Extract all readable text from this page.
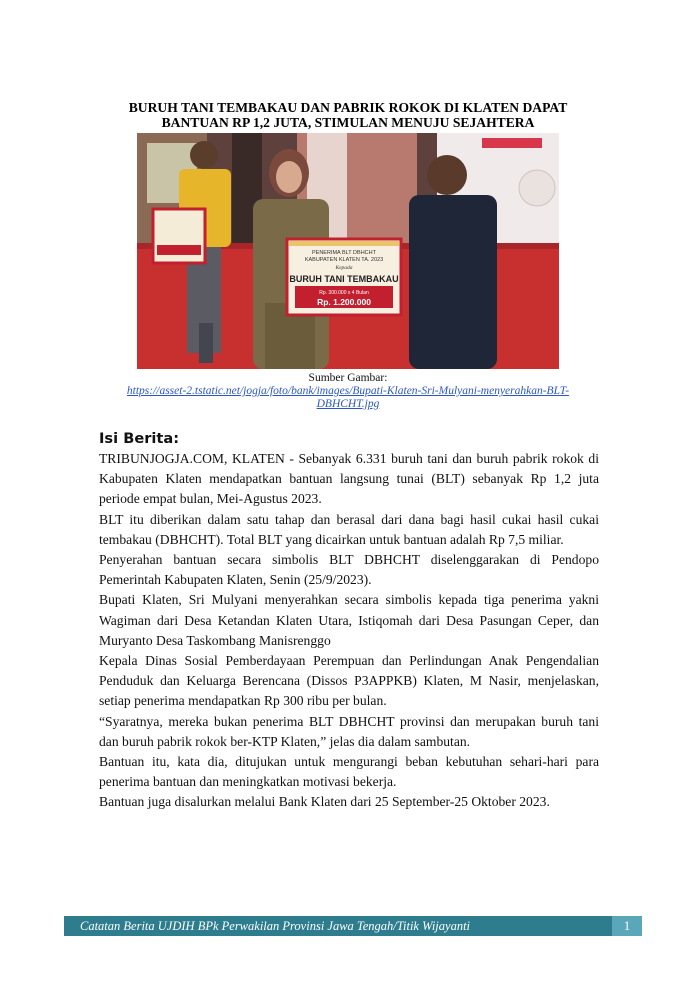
BURUH TANI TEMBAKAU DAN PABRIK ROKOK DI KLATEN DAPAT
BANTUAN RP 1,2 JUTA, STIMULAN MENUJU SEJAHTERA
PENERIMA BLT DBHCHT
KABUPATEN KLATEN TA. 2023
Kepada
BURUH TANI TEMBAKAU
Rp. 300.000 x 4 Bulan
Rp. 1.200.000
Sumber Gambar:
https://asset-2.tstatic.net/jogja/foto/bank/images/Bupati-Klaten-Sri-Mulyani-menyerahkan-BLT-
DBHCHT.jpg
Isi Berita:

TRIBUNJOGJA.COM, KLATEN - Sebanyak 6.331 buruh tani dan buruh pabrik rokok di Kabupaten Klaten mendapatkan bantuan langsung tunai (BLT) sebanyak Rp 1,2 juta periode empat bulan, Mei-Agustus 2023.

BLT itu diberikan dalam satu tahap dan berasal dari dana bagi hasil cukai hasil cukai tembakau (DBHCHT). Total BLT yang dicairkan untuk bantuan adalah Rp 7,5 miliar.

Penyerahan bantuan secara simbolis BLT DBHCHT diselenggarakan di Pendopo Pemerintah Kabupaten Klaten, Senin (25/9/2023).

Bupati Klaten, Sri Mulyani menyerahkan secara simbolis kepada tiga penerima yakni Wagiman dari Desa Ketandan Klaten Utara, Istiqomah dari Desa Pasungan Ceper, dan Muryanto Desa Taskombang Manisrenggo

Kepala Dinas Sosial Pemberdayaan Perempuan dan Perlindungan Anak Pengendalian Penduduk dan Keluarga Berencana (Dissos P3APPKB) Klaten, M Nasir, menjelaskan, setiap penerima mendapatkan Rp 300 ribu per bulan.

“Syaratnya, mereka bukan penerima BLT DBHCHT provinsi dan merupakan buruh tani dan buruh pabrik rokok ber-KTP Klaten,” jelas dia dalam sambutan.

Bantuan itu, kata dia, ditujukan untuk mengurangi beban kebutuhan sehari-hari para penerima bantuan dan meningkatkan motivasi bekerja.

Bantuan juga disalurkan melalui Bank Klaten dari 25 September-25 Oktober 2023.

Catatan Berita UJDIH BPk Perwakilan Provinsi Jawa Tengah/Titik Wijayanti	1
